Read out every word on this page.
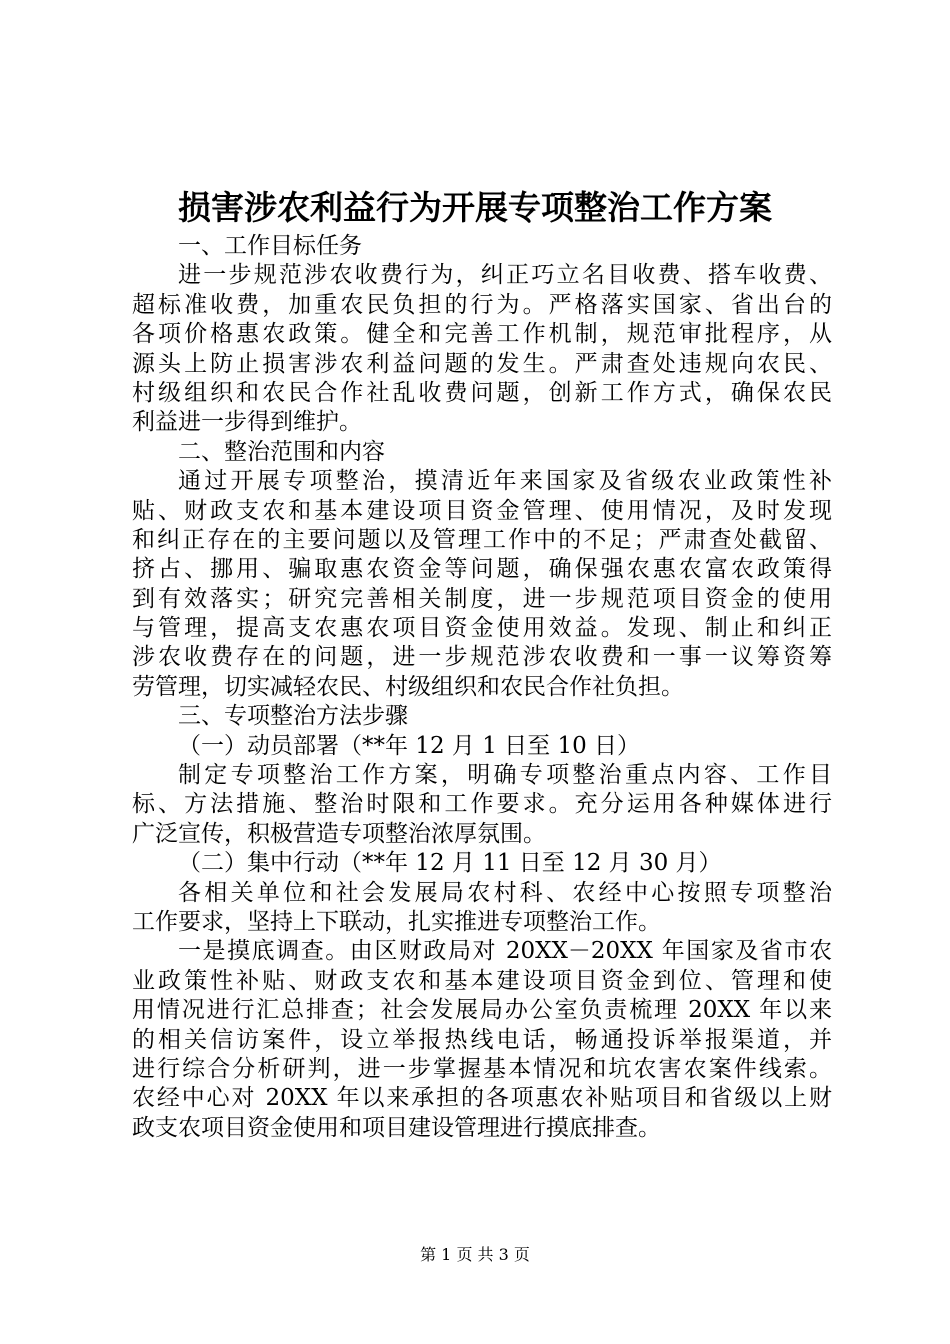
损害涉农利益行为开展专项整治工作方案
一、工作目标任务
进一步规范涉农收费行为，纠正巧立名目收费、搭车收费、
超标准收费，加重农民负担的行为。严格落实国家、省出台的
各项价格惠农政策。健全和完善工作机制，规范审批程序，从
源头上防止损害涉农利益问题的发生。严肃查处违规向农民、
村级组织和农民合作社乱收费问题，创新工作方式，确保农民
利益进一步得到维护。
二、整治范围和内容
通过开展专项整治，摸清近年来国家及省级农业政策性补
贴、财政支农和基本建设项目资金管理、使用情况，及时发现
和纠正存在的主要问题以及管理工作中的不足；严肃查处截留、
挤占、挪用、骗取惠农资金等问题，确保强农惠农富农政策得
到有效落实；研究完善相关制度，进一步规范项目资金的使用
与管理，提高支农惠农项目资金使用效益。发现、制止和纠正
涉农收费存在的问题，进一步规范涉农收费和一事一议筹资筹
劳管理，切实减轻农民、村级组织和农民合作社负担。
三、专项整治方法步骤
（一）动员部署（**年 12 月 1 日至 10 日）
制定专项整治工作方案，明确专项整治重点内容、工作目
标、方法措施、整治时限和工作要求。充分运用各种媒体进行
广泛宣传，积极营造专项整治浓厚氛围。
（二）集中行动（**年 12 月 11 日至 12 月 30 月）
各相关单位和社会发展局农村科、农经中心按照专项整治
工作要求，坚持上下联动，扎实推进专项整治工作。
一是摸底调查。由区财政局对 20XX－20XX 年国家及省市农
业政策性补贴、财政支农和基本建设项目资金到位、管理和使
用情况进行汇总排查；社会发展局办公室负责梳理 20XX 年以来
的相关信访案件，设立举报热线电话，畅通投诉举报渠道，并
进行综合分析研判，进一步掌握基本情况和坑农害农案件线索。
农经中心对 20XX 年以来承担的各项惠农补贴项目和省级以上财
政支农项目资金使用和项目建设管理进行摸底排查。
第 1 页 共 3 页
